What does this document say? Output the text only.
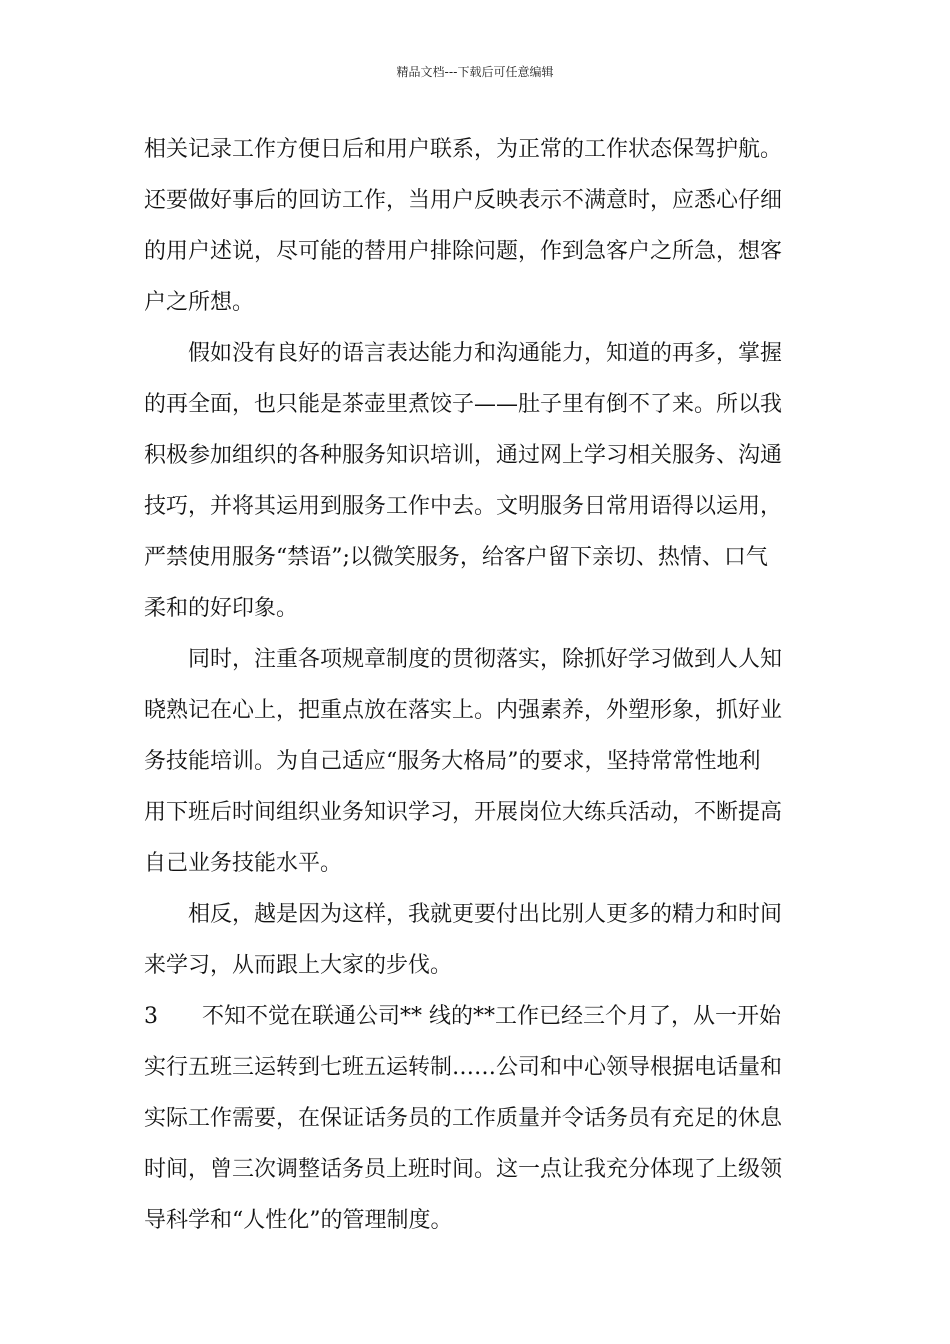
精品文档---下载后可任意编辑
相关记录工作方便日后和用户联系，为正常的工作状态保驾护航。
还要做好事后的回访工作，当用户反映表示不满意时，应悉心仔细
的用户述说，尽可能的替用户排除问题，作到急客户之所急，想客
户之所想。
假如没有良好的语言表达能力和沟通能力，知道的再多，掌握
的再全面，也只能是茶壶里煮饺子——肚子里有倒不了来。所以我
积极参加组织的各种服务知识培训，通过网上学习相关服务、沟通
技巧，并将其运用到服务工作中去。文明服务日常用语得以运用，
严禁使用服务“禁语”;以微笑服务，给客户留下亲切、热情、口气
柔和的好印象。
同时，注重各项规章制度的贯彻落实，除抓好学习做到人人知
晓熟记在心上，把重点放在落实上。内强素养，外塑形象，抓好业
务技能培训。为自己适应“服务大格局”的要求，坚持常常性地利
用下班后时间组织业务知识学习，开展岗位大练兵活动，不断提高
自己业务技能水平。
相反，越是因为这样，我就更要付出比别人更多的精力和时间
来学习，从而跟上大家的步伐。
3 不知不觉在联通公司** 线的**工作已经三个月了，从一开始
实行五班三运转到七班五运转制……公司和中心领导根据电话量和
实际工作需要，在保证话务员的工作质量并令话务员有充足的休息
时间，曾三次调整话务员上班时间。这一点让我充分体现了上级领
导科学和“人性化”的管理制度。
